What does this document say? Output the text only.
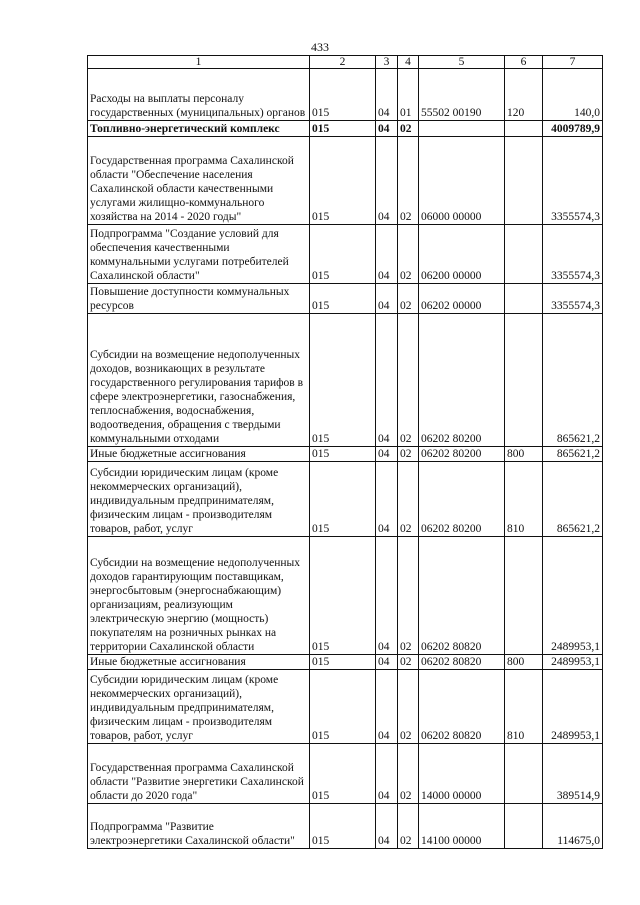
433
1	2	3	4	5	6	7
Расходы на выплаты персоналу государственных (муниципальных) органов	015	04	01	55502 00190	120	140,0
Топливно-энергетический комплекс	015	04	02			4009789,9
Государственная программа Сахалинской области "Обеспечение населения Сахалинской области качественными услугами жилищно-коммунального хозяйства на 2014 - 2020 годы"	015	04	02	06000 00000		3355574,3
Подпрограмма "Создание условий для обеспечения качественными коммунальными услугами потребителей Сахалинской области"	015	04	02	06200 00000		3355574,3
Повышение доступности коммунальных ресурсов	015	04	02	06202 00000		3355574,3
Субсидии на возмещение недополученных доходов, возникающих в результате государственного регулирования тарифов в сфере электроэнергетики, газоснабжения, теплоснабжения, водоснабжения, водоотведения, обращения с твердыми коммунальными отходами	015	04	02	06202 80200		865621,2
Иные бюджетные ассигнования	015	04	02	06202 80200	800	865621,2
Субсидии юридическим лицам (кроме некоммерческих организаций), индивидуальным предпринимателям, физическим лицам - производителям товаров, работ, услуг	015	04	02	06202 80200	810	865621,2
Субсидии на возмещение недополученных доходов гарантирующим поставщикам, энергосбытовым (энергоснабжающим) организациям, реализующим электрическую энергию (мощность) покупателям на розничных рынках на территории Сахалинской области	015	04	02	06202 80820		2489953,1
Иные бюджетные ассигнования	015	04	02	06202 80820	800	2489953,1
Субсидии юридическим лицам (кроме некоммерческих организаций), индивидуальным предпринимателям, физическим лицам - производителям товаров, работ, услуг	015	04	02	06202 80820	810	2489953,1
Государственная программа Сахалинской области "Развитие энергетики Сахалинской области до 2020 года"	015	04	02	14000 00000		389514,9
Подпрограмма "Развитие электроэнергетики Сахалинской области"	015	04	02	14100 00000		114675,0
